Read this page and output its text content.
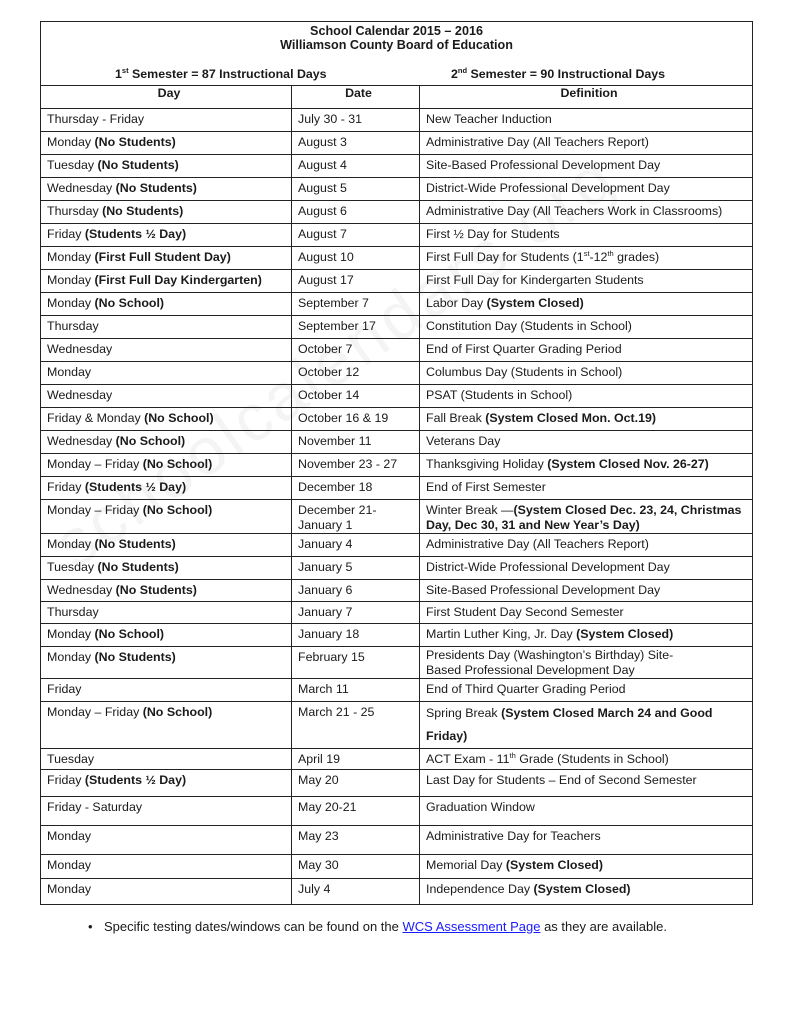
School Calendar 2015 – 2016
Williamson County Board of Education
1st Semester = 87 Instructional Days 2nd Semester = 90 Instructional Days		

Day	Date	Definition

Thursday - Friday	July 30 - 31	New Teacher Induction

Monday (No Students)	August 3	Administrative Day (All Teachers Report)

Tuesday (No Students)	August 4	Site-Based Professional Development Day

Wednesday (No Students)	August 5	District-Wide Professional Development Day

Thursday (No Students)	August 6	Administrative Day (All Teachers Work in Classrooms)

Friday (Students ½ Day)	August 7	First ½ Day for Students

Monday (First Full Student Day)	August 10	First Full Day for Students (1st-12th grades)

Monday (First Full Day Kindergarten)	August 17	First Full Day for Kindergarten Students

Monday (No School)	September 7	Labor Day (System Closed)

Thursday	September 17	Constitution Day (Students in School)

Wednesday	October 7	End of First Quarter Grading Period

Monday	October 12	Columbus Day (Students in School)

Wednesday	October 14	PSAT (Students in School)

Friday & Monday (No School)	October 16 & 19	Fall Break (System Closed Mon. Oct.19)

Wednesday (No School)	November 11	Veterans Day

Monday – Friday (No School)	November 23 - 27	Thanksgiving Holiday (System Closed Nov. 26-27)

Friday (Students ½ Day)	December 18	End of First Semester

Monday – Friday (No School)	December 21- January 1	Winter Break —(System Closed Dec. 23, 24, Christmas Day, Dec 30, 31 and New Year’s Day)

Monday (No Students)	January 4	Administrative Day (All Teachers Report)

Tuesday (No Students)	January 5	District-Wide Professional Development Day

Wednesday (No Students)	January 6	Site-Based Professional Development Day

Thursday	January 7	First Student Day Second Semester

Monday (No School)	January 18	Martin Luther King, Jr. Day (System Closed)

Monday (No Students)	February 15	Presidents Day (Washington’s Birthday) Site-Based Professional Development Day

Friday	March 11	End of Third Quarter Grading Period

Monday – Friday (No School)	March 21 - 25	Spring Break (System Closed March 24 and Good Friday)

Tuesday	April 19	ACT Exam - 11th Grade (Students in School)

Friday (Students ½ Day)	May 20	Last Day for Students – End of Second Semester

Friday - Saturday	May 20-21	Graduation Window

Monday	May 23	Administrative Day for Teachers

Monday	May 30	Memorial Day (System Closed)

Monday	July 4	Independence Day (System Closed)
• Specific testing dates/windows can be found on the WCS Assessment Page as they are available.
